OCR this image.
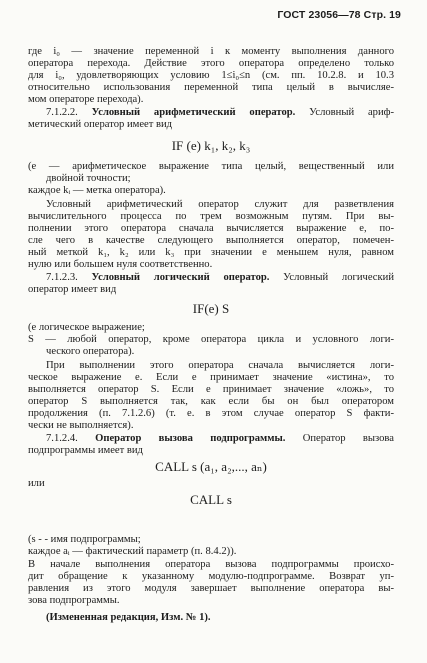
ГОСТ 23056—78 Стр. 19
где i₀ — значение переменной i к моменту выполнения данного
оператора перехода. Действие этого оператора определено только
для i₀, удовлетворяющих условию 1≤i₀≤n (см. пп. 10.2.8. и 10.3
относительно использования переменной типа целый в вычисляе-
мом операторе перехода).
7.1.2.2. Условный арифметический оператор. Условный ариф-
метический оператор имеет вид
(е — арифметическое выражение типа целый, вещественный или
двойной точности;
каждое kᵢ — метка оператора).
Условный арифметический оператор служит для разветвления
вычислительного процесса по трем возможным путям. При вы-
полнении этого оператора сначала вычисляется выражение е, по-
сле чего в качестве следующего выполняется оператор, помечен-
ный меткой k₁, k₂ или k₃ при значении е меньшем нуля, равном
нулю или большем нуля соответственно.
7.1.2.3. Условный логический оператор. Условный логический
оператор имеет вид
(е логическое выражение;
S — любой оператор, кроме оператора цикла и условного логи-
ческого оператора).
При выполнении этого оператора сначала вычисляется логи-
ческое выражение е. Если е принимает значение «истина», то
выполняется оператор S. Если е принимает значение «ложь», то
оператор S выполняется так, как если бы он был оператором
продолжения (п. 7.1.2.6) (т. е. в этом случае оператор S факти-
чески не выполняется).
7.1.2.4. Оператор вызова подпрограммы. Оператор вызова
подпрограммы имеет вид
или
(s - - имя подпрограммы;
каждое aᵢ — фактический параметр (п. 8.4.2)).
В начале выполнения оператора вызова подпрограммы происхо-
дит обращение к указанному модулю-подпрограмме. Возврат уп-
равления из этого модуля завершает выполнение оператора вы-
зова подпрограммы.
(Измененная редакция, Изм. № 1).
IF (е) k₁, k₂, k₃
IF(е) S
CALL s (a₁, a₂,..., aₙ)
CALL s
